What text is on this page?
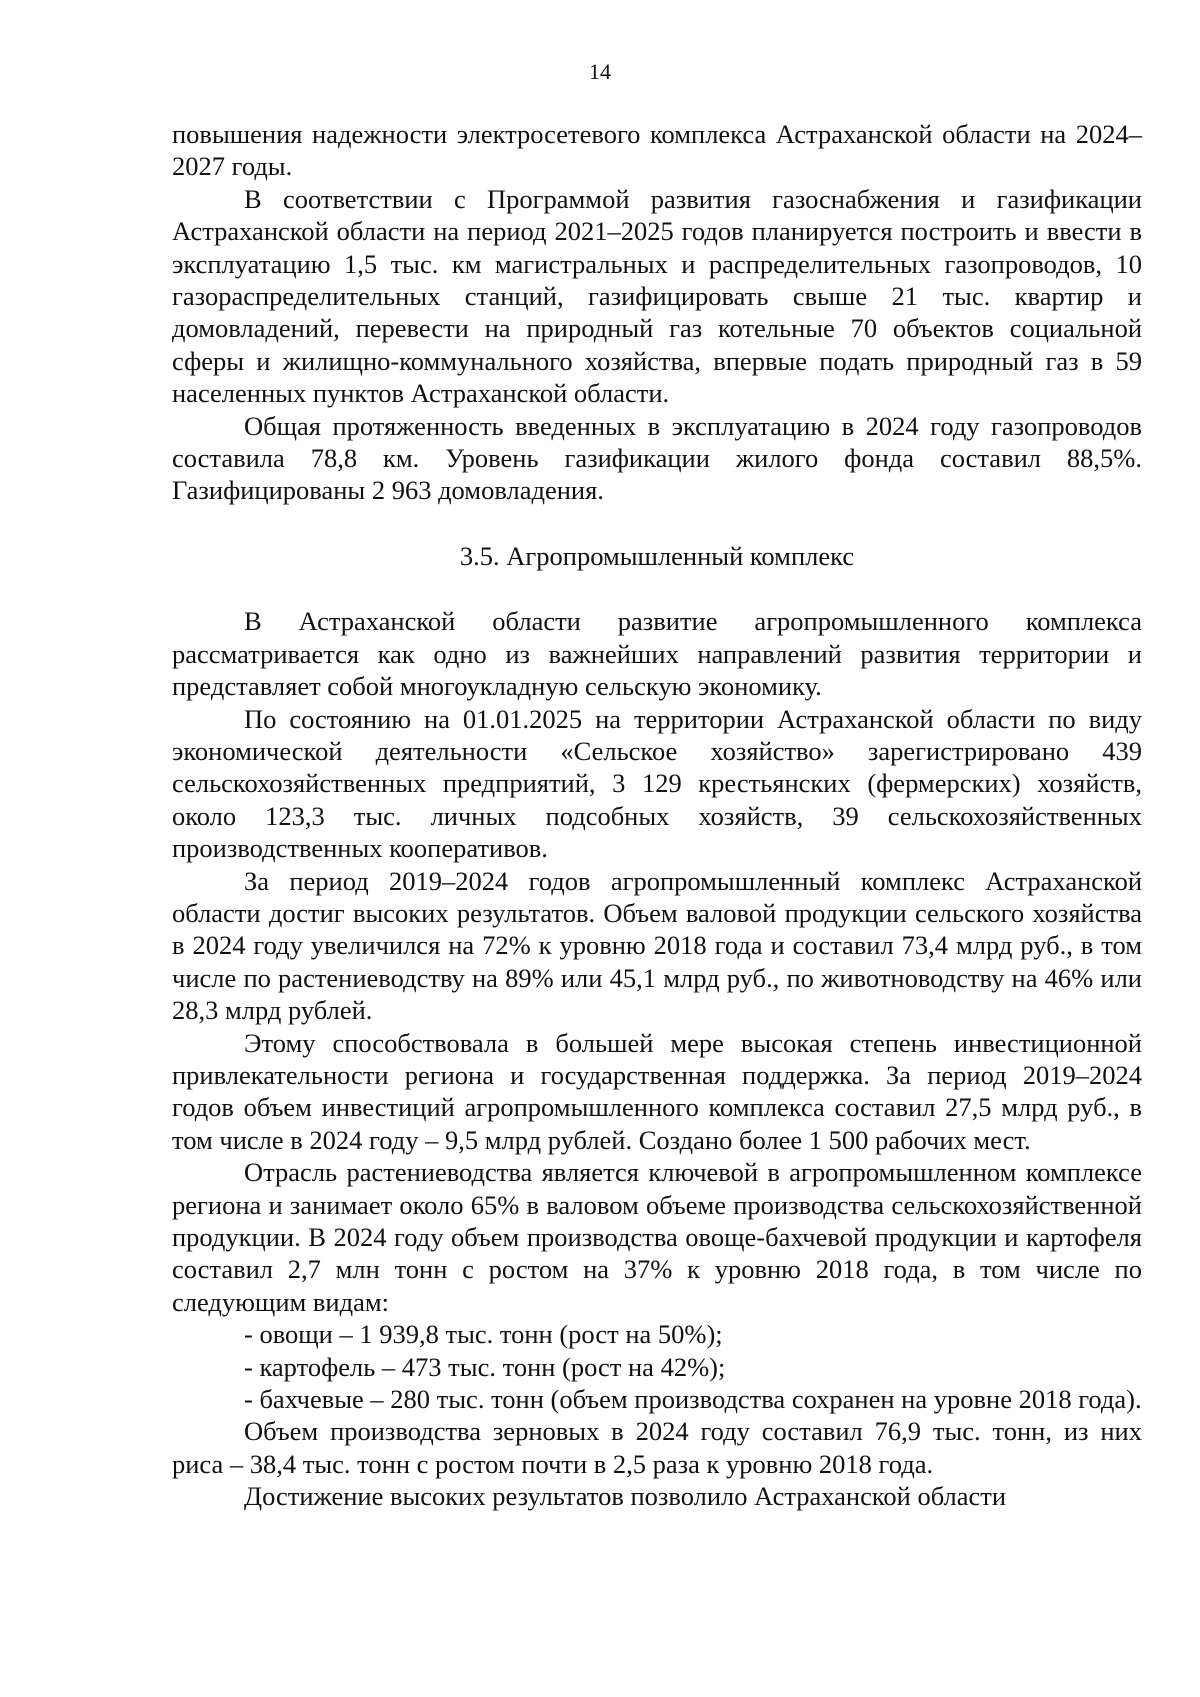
14

повышения надежности электросетевого комплекса Астраханской области на 2024–2027 годы.

В соответствии с Программой развития газоснабжения и газификации Астраханской области на период 2021–2025 годов планируется построить и ввести в эксплуатацию 1,5 тыс. км магистральных и распределительных газопроводов, 10 газораспределительных станций, газифицировать свыше 21 тыс. квартир и домовладений, перевести на природный газ котельные 70 объектов социальной сферы и жилищно-коммунального хозяйства, впервые подать природный газ в 59 населенных пунктов Астраханской области.

Общая протяженность введенных в эксплуатацию в 2024 году газопроводов составила 78,8 км. Уровень газификации жилого фонда составил 88,5%. Газифицированы 2 963 домовладения.

3.5. Агропромышленный комплекс

В Астраханской области развитие агропромышленного комплекса рассматривается как одно из важнейших направлений развития территории и представляет собой многоукладную сельскую экономику.

По состоянию на 01.01.2025 на территории Астраханской области по виду экономической деятельности «Сельское хозяйство» зарегистрировано 439 сельскохозяйственных предприятий, 3 129 крестьянских (фермерских) хозяйств, около 123,3 тыс. личных подсобных хозяйств, 39 сельскохозяйственных производственных кооперативов.

За период 2019–2024 годов агропромышленный комплекс Астраханской области достиг высоких результатов. Объем валовой продукции сельского хозяйства в 2024 году увеличился на 72% к уровню 2018 года и составил 73,4 млрд руб., в том числе по растениеводству на 89% или 45,1 млрд руб., по животноводству на 46% или 28,3 млрд рублей.

Этому способствовала в большей мере высокая степень инвестиционной привлекательности региона и государственная поддержка. За период 2019–2024 годов объем инвестиций агропромышленного комплекса составил 27,5 млрд руб., в том числе в 2024 году – 9,5 млрд рублей. Создано более 1 500 рабочих мест.

Отрасль растениеводства является ключевой в агропромышленном комплексе региона и занимает около 65% в валовом объеме производства сельскохозяйственной продукции. В 2024 году объем производства овоще-бахчевой продукции и картофеля составил 2,7 млн тонн с ростом на 37% к уровню 2018 года, в том числе по следующим видам:

- овощи – 1 939,8 тыс. тонн (рост на 50%);

- картофель – 473 тыс. тонн (рост на 42%);

- бахчевые – 280 тыс. тонн (объем производства сохранен на уровне 2018 года).

Объем производства зерновых в 2024 году составил 76,9 тыс. тонн, из них риса – 38,4 тыс. тонн с ростом почти в 2,5 раза к уровню 2018 года.

Достижение высоких результатов позволило Астраханской области
